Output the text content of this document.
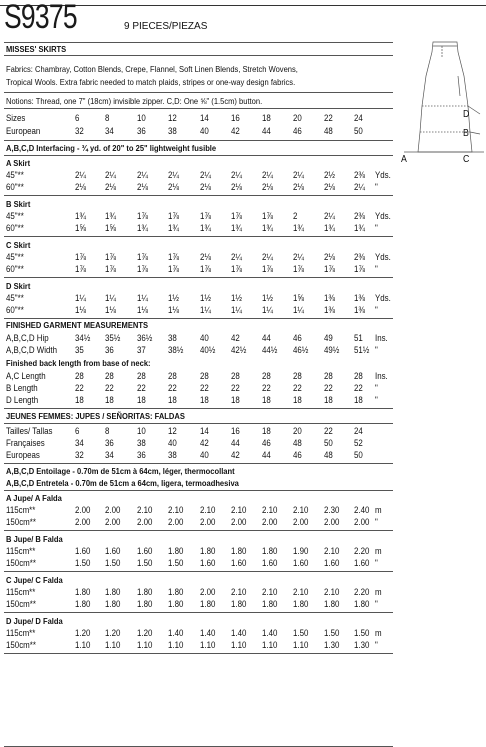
S9375	9 PIECES/PIEZAS
D
B
A	C
MISSES' SKIRTS
Fabrics: Chambray, Cotton Blends, Crepe, Flannel, Soft Linen Blends, Stretch Wovens,
Tropical Wools. Extra fabric needed to match plaids, stripes or one-way design fabrics.
Notions: Thread, one 7" (18cm) invisible zipper. C,D: One ⅝" (1.5cm) button.
Sizes	6	8	10	12	14	16	18	20	22 24
European	32 34	36	38	40	42	44	46	48 50
A,B,C,D Interfacing - ¾ yd. of 20" to 25" lightweight fusible
A Skirt
45"**	2¼ 2¼ 2¼ 2¼ 2¼ 2¼ 2¼ 2¼ 2½ 2⅜ Yds.
60"**	2⅛ 2⅛ 2⅛ 2⅛ 2⅛ 2⅛ 2⅛ 2⅛ 2⅛ 2¼ "
B Skirt
45"**	1¾ 1¾ 1⅞ 1⅞ 1⅞ 1⅞ 1⅞ 2	2¼ 2⅜ Yds.
60"**	1⅝ 1⅝ 1¾ 1¾ 1¾ 1¾ 1¾ 1¾ 1¾ 1¾ "
C Skirt
45"**	1⅞ 1⅞ 1⅞ 1⅞ 2⅛ 2¼ 2¼ 2¼ 2⅛ 2⅜ Yds.
60"**	1⅞ 1⅞ 1⅞ 1⅞ 1⅞ 1⅞ 1⅞ 1⅞ 1⅞ 1⅞ "
D Skirt
45"**	1¼ 1¼ 1¼ 1½ 1½ 1½ 1½ 1⅝ 1⅜ 1⅜ Yds.
60"**	1⅛ 1⅛ 1⅛ 1⅛ 1¼ 1¼ 1¼ 1¼ 1⅜ 1⅜ "
FINISHED GARMENT MEASUREMENTS
A,B,C,D Hip	34½ 35½ 36½ 38	40	42	44	46	49 51 Ins.
A,B,C,D Width 35 36	37	38½ 40½ 42½ 44½ 46½ 49½ 51½ "
Finished back length from base of neck:
A,C Length	28 28	28	28	28	28	28	28	28 28 Ins.
B Length	22 22	22	22	22	22	22	22	22 22 "
D Length	18 18	18	18	18	18	18	18	18 18 "
JEUNES FEMMES: JUPES / SEÑORITAS: FALDAS
Tailles/ Tallas	6	8	10	12	14	16	18	20	22 24
Françaises	34 36	38	40	42	44	46	48	50 52
Europeas	32 34	36	38	40	42	44	46	48 50
A,B,C,D Entoilage - 0.70m de 51cm à 64cm, léger, thermocollant
A,B,C,D Entretela - 0.70m de 51cm a 64cm, ligera, termoadhesiva
A Jupe/ A Falda
115cm**	2.00 2.00 2.10 2.10 2.10 2.10 2.10 2.10 2.30 2.40 m
150cm**	2.00 2.00 2.00 2.00 2.00 2.00 2.00 2.00 2.00 2.00 "
B Jupe/ B Falda
115cm**	1.60 1.60 1.60 1.80 1.80 1.80 1.80 1.90 2.10 2.20 m
150cm**	1.50 1.50 1.50 1.50 1.60 1.60 1.60 1.60 1.60 1.60 "
C Jupe/ C Falda
115cm**	1.80 1.80 1.80 1.80 2.00 2.10 2.10 2.10 2.10 2.20 m
150cm**	1.80 1.80 1.80 1.80 1.80 1.80 1.80 1.80 1.80 1.80 "
D Jupe/ D Falda
115cm**	1.20 1.20 1.20 1.40 1.40 1.40 1.40 1.50 1.50 1.50 m
150cm**	1.10 1.10 1.10 1.10 1.10 1.10 1.10 1.10 1.30 1.30 "
